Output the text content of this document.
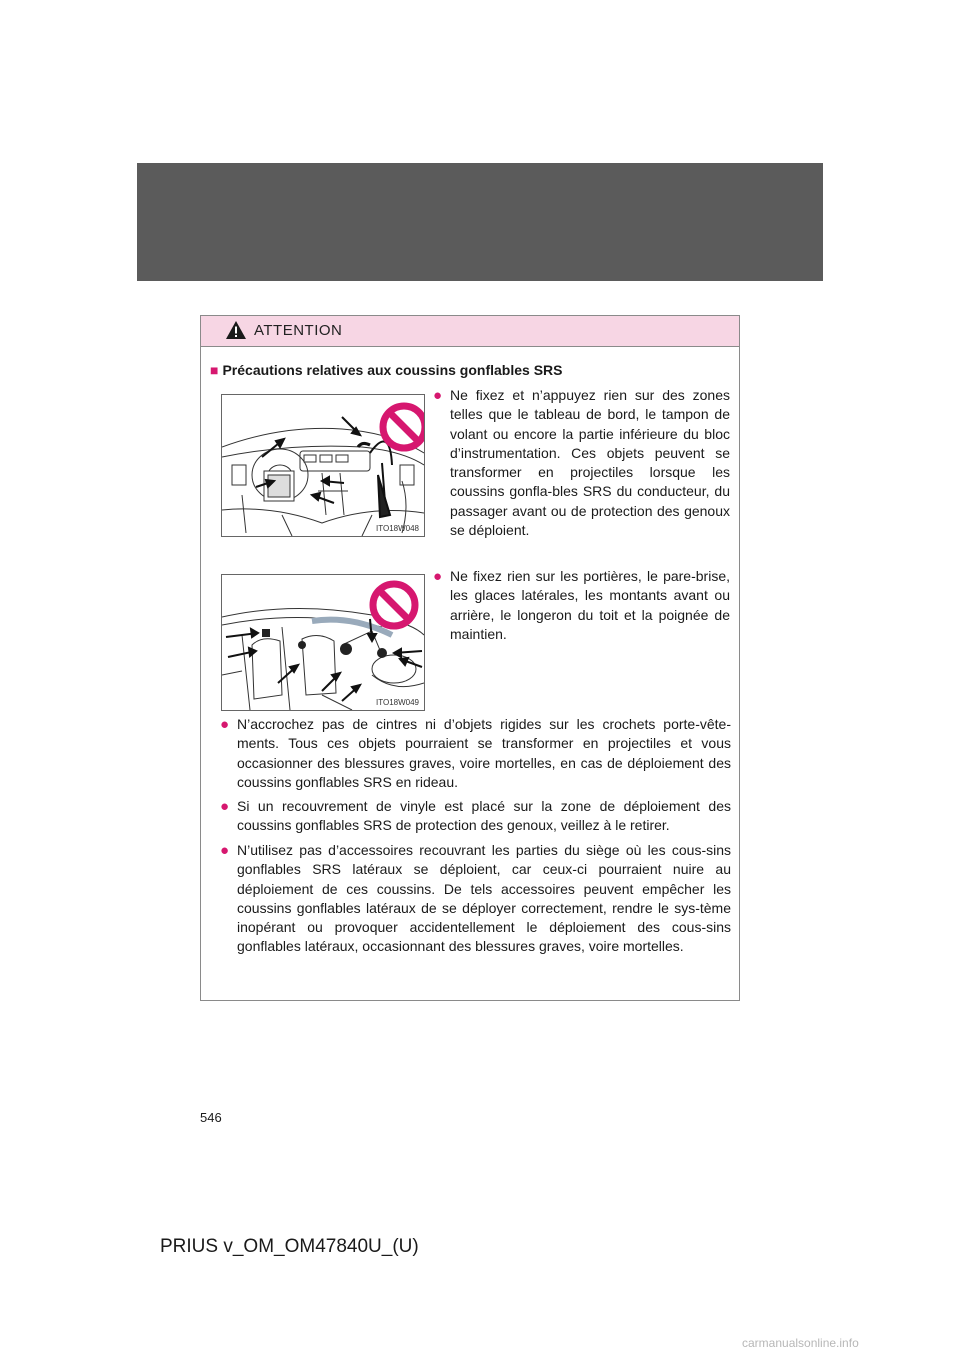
ATTENTION
■ Précautions relatives aux coussins gonflables SRS
ITO18W048
ITO18W049
● Ne fixez et n’appuyez rien sur des zones telles que le tableau de bord, le tampon de volant ou encore la partie inférieure du bloc d’instrumentation. Ces objets peuvent se transformer en projectiles lorsque les coussins gonfla-bles SRS du conducteur, du passager avant ou de protection des genoux se déploient.
● Ne fixez rien sur les portières, le pare-brise, les glaces latérales, les montants avant ou arrière, le longeron du toit et la poignée de maintien.
● N’accrochez pas de cintres ni d’objets rigides sur les crochets porte-vête-ments. Tous ces objets pourraient se transformer en projectiles et vous occasionner des blessures graves, voire mortelles, en cas de déploiement des coussins gonflables SRS en rideau.
● Si un recouvrement de vinyle est placé sur la zone de déploiement des coussins gonflables SRS de protection des genoux, veillez à le retirer.
● N’utilisez pas d’accessoires recouvrant les parties du siège où les cous-sins gonflables SRS latéraux se déploient, car ceux-ci pourraient nuire au déploiement de ces coussins. De tels accessoires peuvent empêcher les coussins gonflables latéraux de se déployer correctement, rendre le sys-tème inopérant ou provoquer accidentellement le déploiement des cous-sins gonflables latéraux, occasionnant des blessures graves, voire mortelles.
546
PRIUS v_OM_OM47840U_(U)
carmanualsonline.info
